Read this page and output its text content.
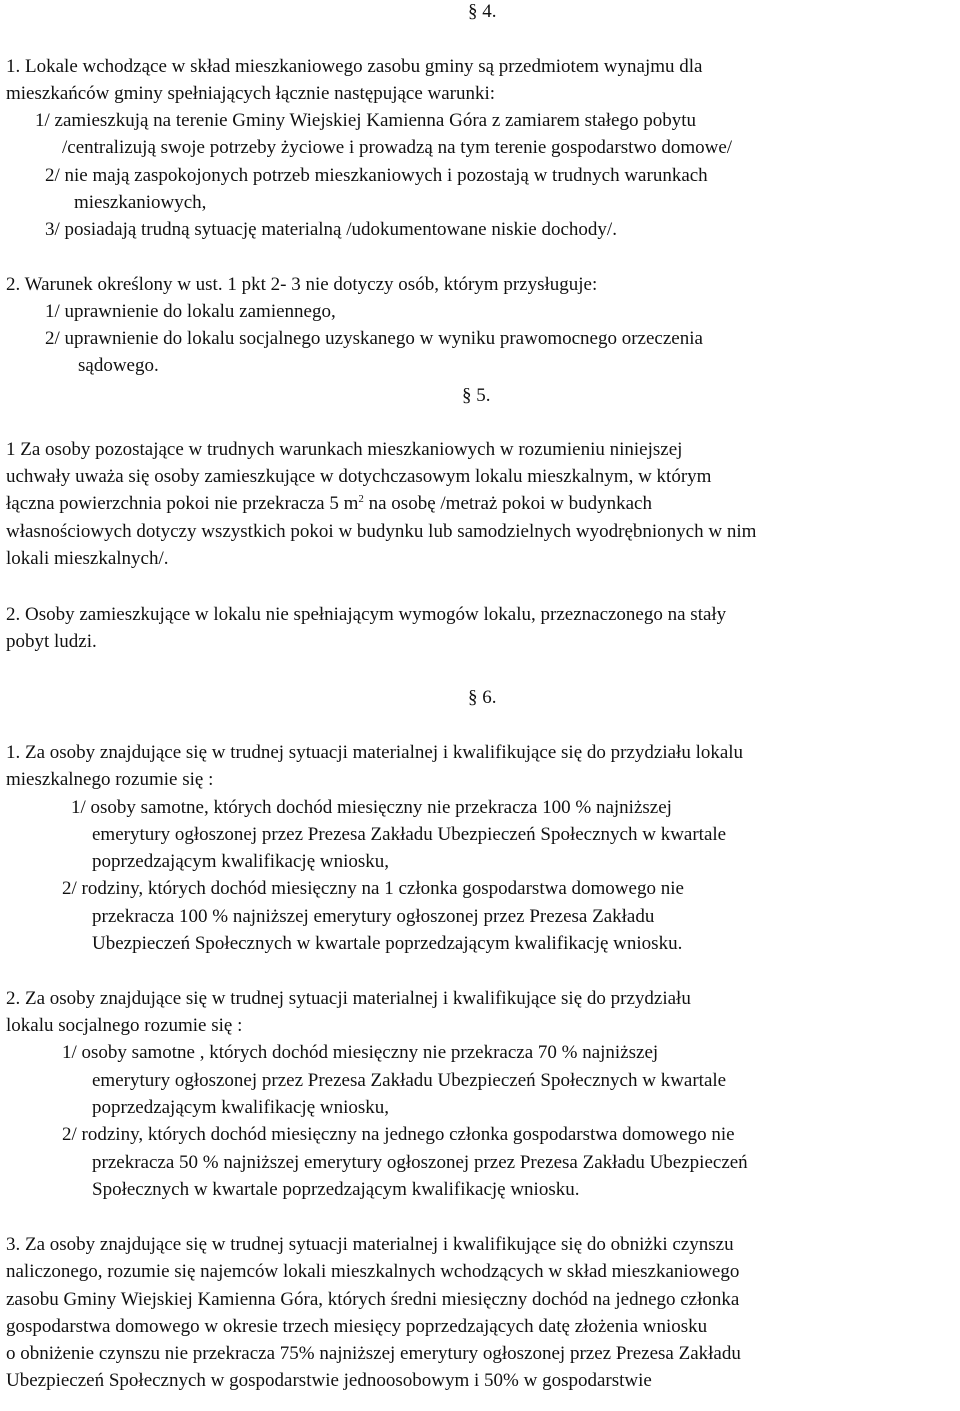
§ 4.
1. Lokale wchodzące w skład mieszkaniowego zasobu gminy są przedmiotem wynajmu dla
mieszkańców gminy spełniających łącznie następujące warunki:
1/ zamieszkują na terenie Gminy Wiejskiej Kamienna Góra z zamiarem stałego pobytu
/centralizują swoje potrzeby życiowe i prowadzą na tym terenie gospodarstwo domowe/
2/ nie mają zaspokojonych potrzeb mieszkaniowych i pozostają w trudnych warunkach
mieszkaniowych,
3/ posiadają trudną sytuację materialną /udokumentowane niskie dochody/.
2. Warunek określony w ust. 1 pkt 2- 3 nie dotyczy osób, którym przysługuje:
1/ uprawnienie do lokalu zamiennego,
2/ uprawnienie do lokalu socjalnego uzyskanego w wyniku prawomocnego orzeczenia
sądowego.
§ 5.
1 Za osoby pozostające w trudnych warunkach mieszkaniowych w rozumieniu niniejszej
uchwały uważa się osoby zamieszkujące w dotychczasowym lokalu mieszkalnym, w którym
łączna powierzchnia pokoi nie przekracza 5 $m^2$ na osobę /metraż pokoi w budynkach
własnościowych dotyczy wszystkich pokoi w budynku lub samodzielnych wyodrębnionych w nim
lokali mieszkalnych/.
2. Osoby zamieszkujące w lokalu nie spełniającym wymogów lokalu, przeznaczonego na stały
pobyt ludzi.
§ 6.
1. Za osoby znajdujące się w trudnej sytuacji materialnej i kwalifikujące się do przydziału lokalu
mieszkalnego rozumie się :
1/ osoby samotne, których dochód miesięczny nie przekracza 100 % najniższej
emerytury ogłoszonej przez Prezesa Zakładu Ubezpieczeń Społecznych w kwartale
poprzedzającym kwalifikację wniosku,
2/ rodziny, których dochód miesięczny na 1 członka gospodarstwa domowego nie
przekracza 100 % najniższej emerytury ogłoszonej przez Prezesa Zakładu
Ubezpieczeń Społecznych w kwartale poprzedzającym kwalifikację wniosku.
2. Za osoby znajdujące się w trudnej sytuacji materialnej i kwalifikujące się do przydziału
lokalu socjalnego rozumie się :
1/ osoby samotne , których dochód miesięczny nie przekracza 70 % najniższej
emerytury ogłoszonej przez Prezesa Zakładu Ubezpieczeń Społecznych w kwartale
poprzedzającym kwalifikację wniosku,
2/ rodziny, których dochód miesięczny na jednego członka gospodarstwa domowego nie
przekracza 50 % najniższej emerytury ogłoszonej przez Prezesa Zakładu Ubezpieczeń
Społecznych w kwartale poprzedzającym kwalifikację wniosku.
3. Za osoby znajdujące się w trudnej sytuacji materialnej i kwalifikujące się do obniżki czynszu
naliczonego, rozumie się najemców lokali mieszkalnych wchodzących w skład mieszkaniowego
zasobu Gminy Wiejskiej Kamienna Góra, których średni miesięczny dochód na jednego członka
gospodarstwa domowego w okresie trzech miesięcy poprzedzających datę złożenia wniosku
o obniżenie czynszu nie przekracza 75% najniższej emerytury ogłoszonej przez Prezesa Zakładu
Ubezpieczeń Społecznych w gospodarstwie jednoosobowym i 50% w gospodarstwie
